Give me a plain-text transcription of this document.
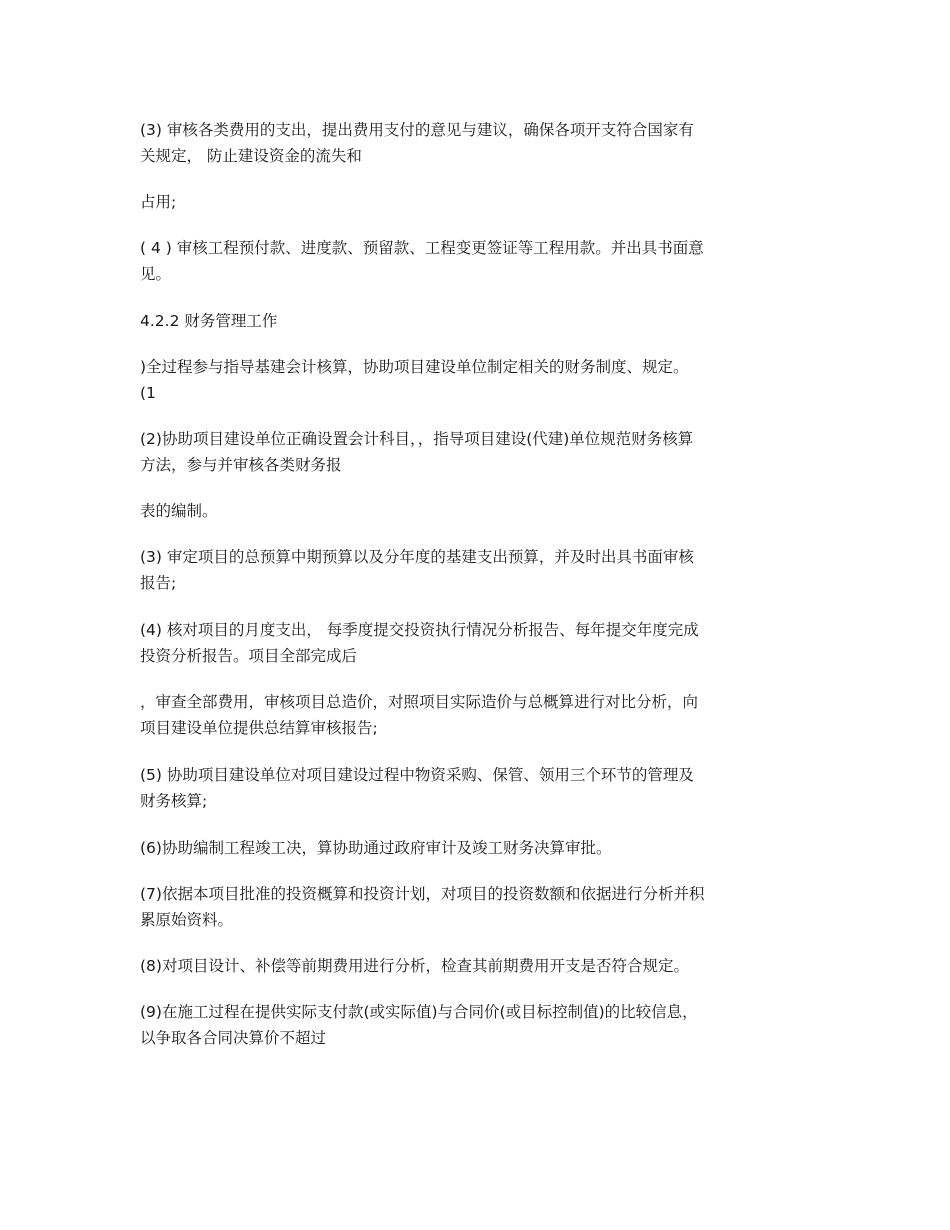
(3) 审核各类费用的支出，提出费用支付的意见与建议，确保各项开支符合国家有
关规定， 防止建设资金的流失和
占用;
( 4 ) 审核工程预付款、进度款、预留款、工程变更签证等工程用款。并出具书面意
见。
4.2.2 财务管理工作
)全过程参与指导基建会计核算，协助项目建设单位制定相关的财务制度、规定。
(1
(2)协助项目建设单位正确设置会计科目，，指导项目建设(代建)单位规范财务核算
方法，参与并审核各类财务报
表的编制。
(3) 审定项目的总预算中期预算以及分年度的基建支出预算，并及时出具书面审核
报告;
(4) 核对项目的月度支出， 每季度提交投资执行情况分析报告、每年提交年度完成
投资分析报告。项目全部完成后
，审查全部费用，审核项目总造价，对照项目实际造价与总概算进行对比分析，向
项目建设单位提供总结算审核报告;
(5) 协助项目建设单位对项目建设过程中物资采购、保管、领用三个环节的管理及
财务核算;
(6)协助编制工程竣工决，算协助通过政府审计及竣工财务决算审批。
(7)依据本项目批准的投资概算和投资计划，对项目的投资数额和依据进行分析并积
累原始资料。
(8)对项目设计、补偿等前期费用进行分析，检查其前期费用开支是否符合规定。
(9)在施工过程在提供实际支付款(或实际值)与合同价(或目标控制值)的比较信息，
以争取各合同决算价不超过
